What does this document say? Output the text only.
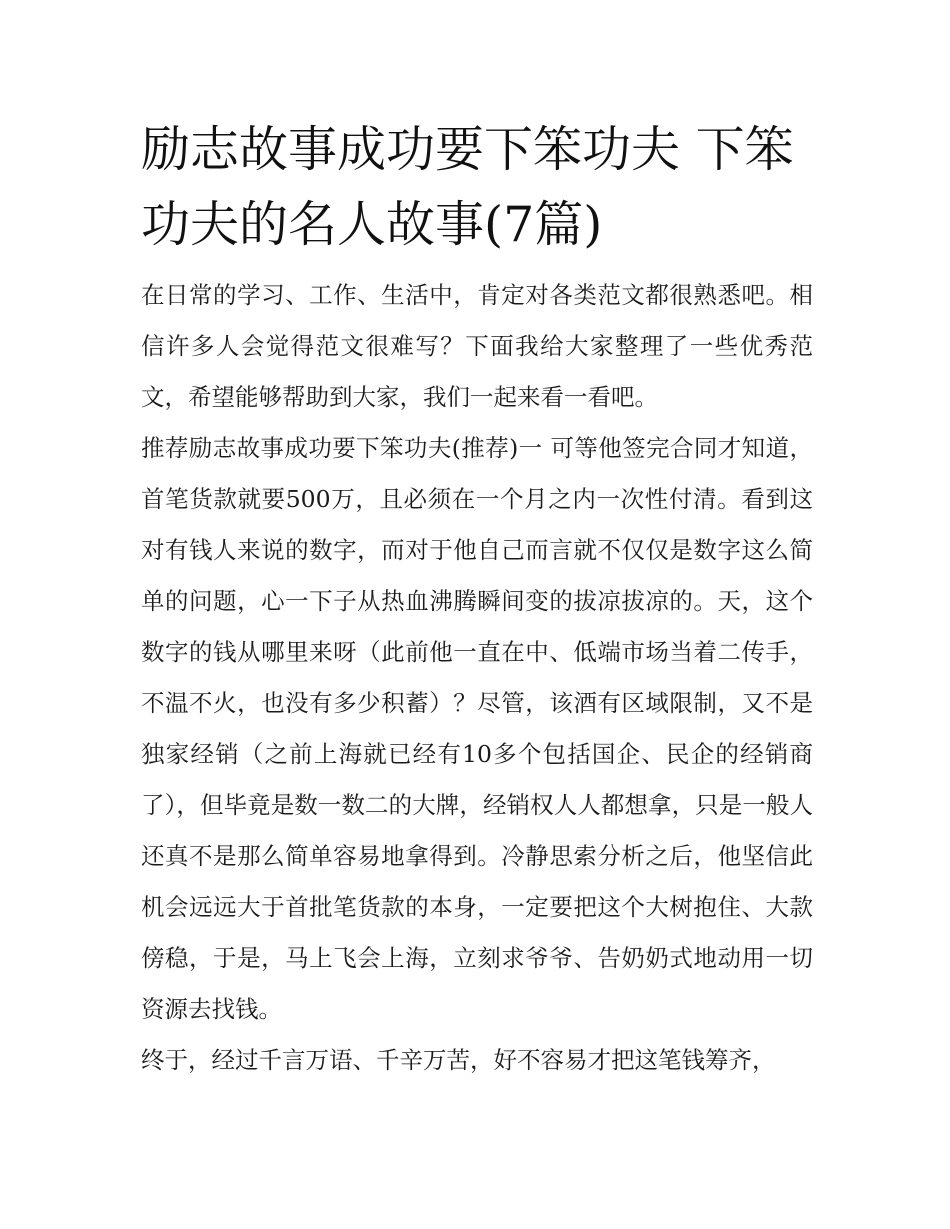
励志故事成功要下笨功夫 下笨功夫的名人故事(7篇)

在日常的学习、工作、生活中，肯定对各类范文都很熟悉吧。相信许多人会觉得范文很难写？下面我给大家整理了一些优秀范文，希望能够帮助到大家，我们一起来看一看吧。

推荐励志故事成功要下笨功夫(推荐)一 可等他签完合同才知道，首笔货款就要500万，且必须在一个月之内一次性付清。看到这对有钱人来说的数字，而对于他自己而言就不仅仅是数字这么简单的问题，心一下子从热血沸腾瞬间变的拔凉拔凉的。天，这个数字的钱从哪里来呀（此前他一直在中、低端市场当着二传手，不温不火，也没有多少积蓄）？尽管，该酒有区域限制，又不是独家经销（之前上海就已经有10多个包括国企、民企的经销商了），但毕竟是数一数二的大牌，经销权人人都想拿，只是一般人还真不是那么简单容易地拿得到。冷静思索分析之后，他坚信此机会远远大于首批笔货款的本身，一定要把这个大树抱住、大款傍稳，于是，马上飞会上海，立刻求爷爷、告奶奶式地动用一切资源去找钱。

终于，经过千言万语、千辛万苦，好不容易才把这笔钱筹齐，
